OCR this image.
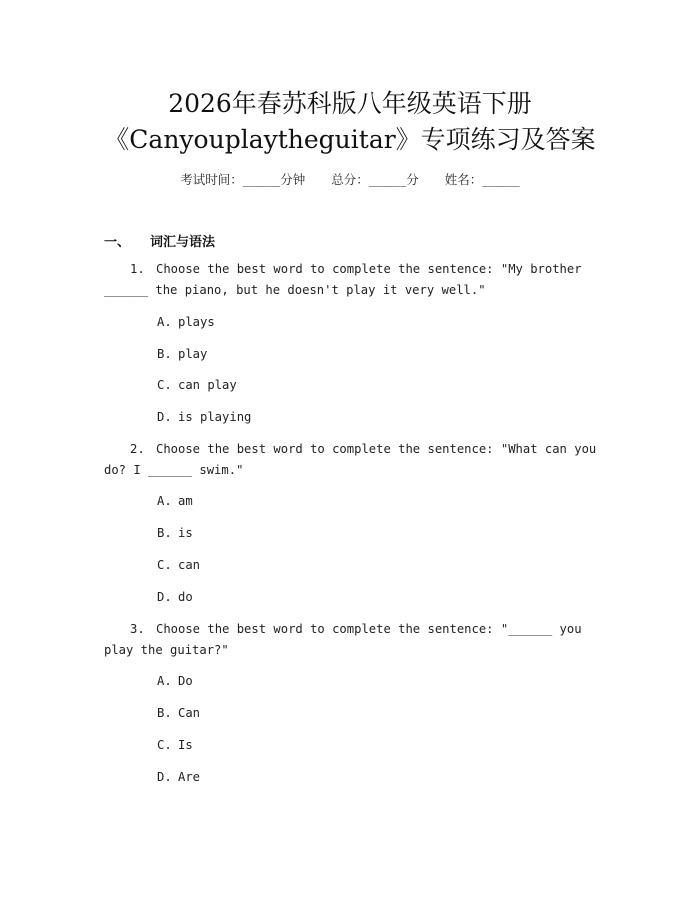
2026年春苏科版八年级英语下册
《Canyouplaytheguitar》专项练习及答案
考试时间：______分钟 总分：______分 姓名：______
一、 词汇与语法
1. Choose the best word to complete the sentence: "My brother ______ the piano, but he doesn't play it very well."
A. plays
B. play
C. can play
D. is playing
2. Choose the best word to complete the sentence: "What can you do? I ______ swim."
A. am
B. is
C. can
D. do
3. Choose the best word to complete the sentence: "______ you play the guitar?"
A. Do
B. Can
C. Is
D. Are
